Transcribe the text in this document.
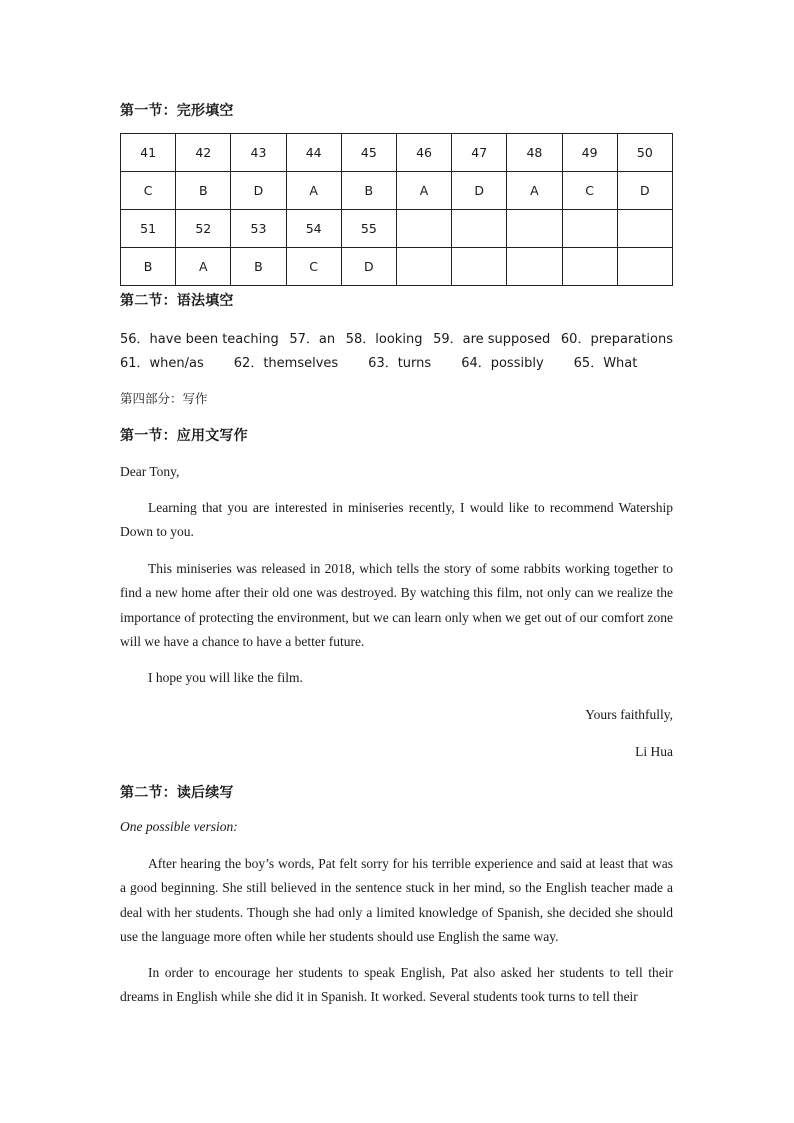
第一节：完形填空
41	42	43	44	45	46	47	48	49	50
C	B	D	A	B	A	D	A	C	D
51	52	53	54	55					
B	A	B	C	D					
第二节：语法填空
56．have been teaching 57．an 58．looking 59．are supposed 60．preparations
61．when/as 62．themselves 63．turns 64．possibly 65．What
第四部分：写作
第一节：应用文写作
Dear Tony,
Learning that you are interested in miniseries recently, I would like to recommend Watership Down to you.
This miniseries was released in 2018, which tells the story of some rabbits working together to find a new home after their old one was destroyed. By watching this film, not only can we realize the importance of protecting the environment, but we can learn only when we get out of our comfort zone will we have a chance to have a better future.
I hope you will like the film.
Yours faithfully,
Li Hua
第二节：读后续写
One possible version:
After hearing the boy’s words, Pat felt sorry for his terrible experience and said at least that was a good beginning. She still believed in the sentence stuck in her mind, so the English teacher made a deal with her students. Though she had only a limited knowledge of Spanish, she decided she should use the language more often while her students should use English the same way.
In order to encourage her students to speak English, Pat also asked her students to tell their dreams in English while she did it in Spanish. It worked. Several students took turns to tell their
